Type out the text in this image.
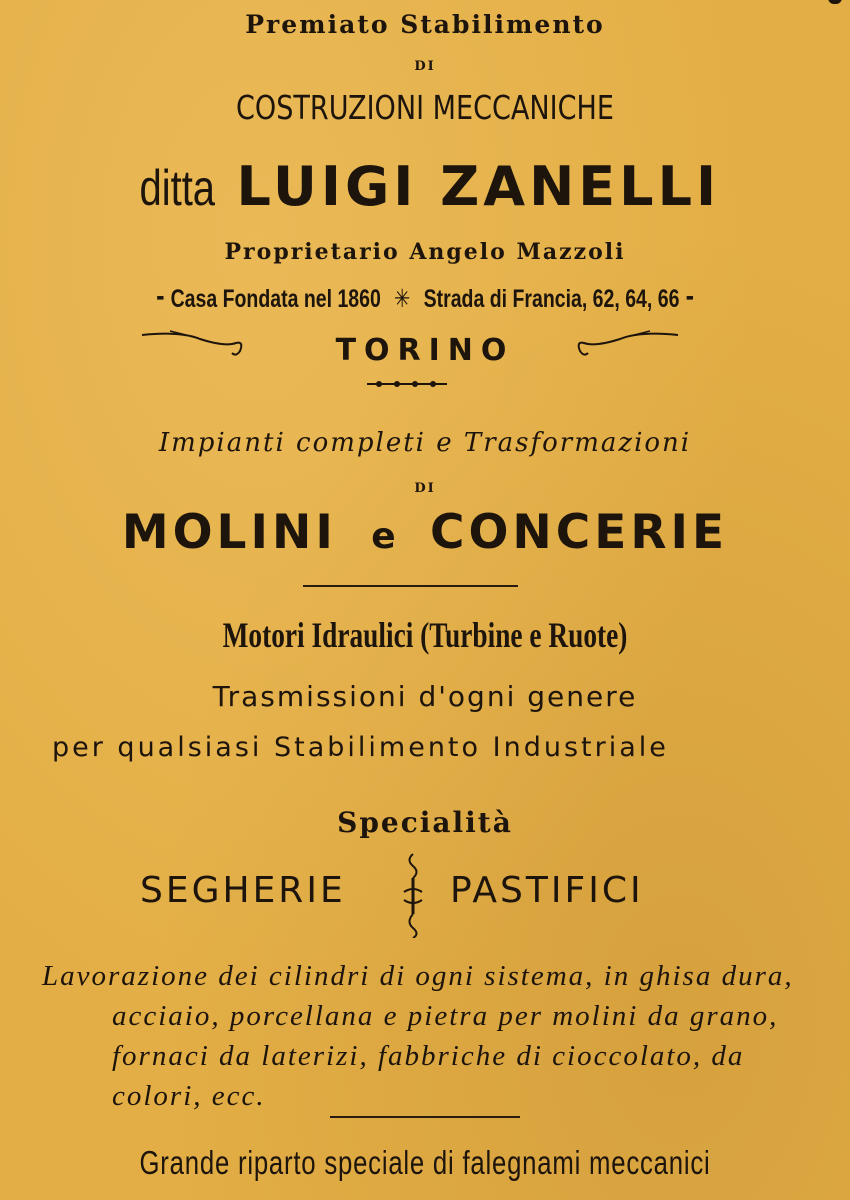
Premiato Stabilimento
DI
COSTRUZIONI MECCANICHE
ditta LUIGI ZANELLI
Proprietario Angelo Mazzoli
⁃ Casa Fondata nel 1860 ✳ Strada di Francia, 62, 64, 66 ⁃
TORINO
Impianti completi e Trasformazioni
DI
MOLINI e CONCERIE
Motori Idraulici (Turbine e Ruote)
Trasmissioni d'ogni genere
per qualsiasi Stabilimento Industriale
Specialità
SEGHERIE	PASTIFICI
Lavorazione dei cilindri di ogni sistema, in ghisa dura,
acciaio, porcellana e pietra per molini da grano,
fornaci da laterizi, fabbriche di cioccolato, da
colori, ecc.
Grande riparto speciale di falegnami meccanici
